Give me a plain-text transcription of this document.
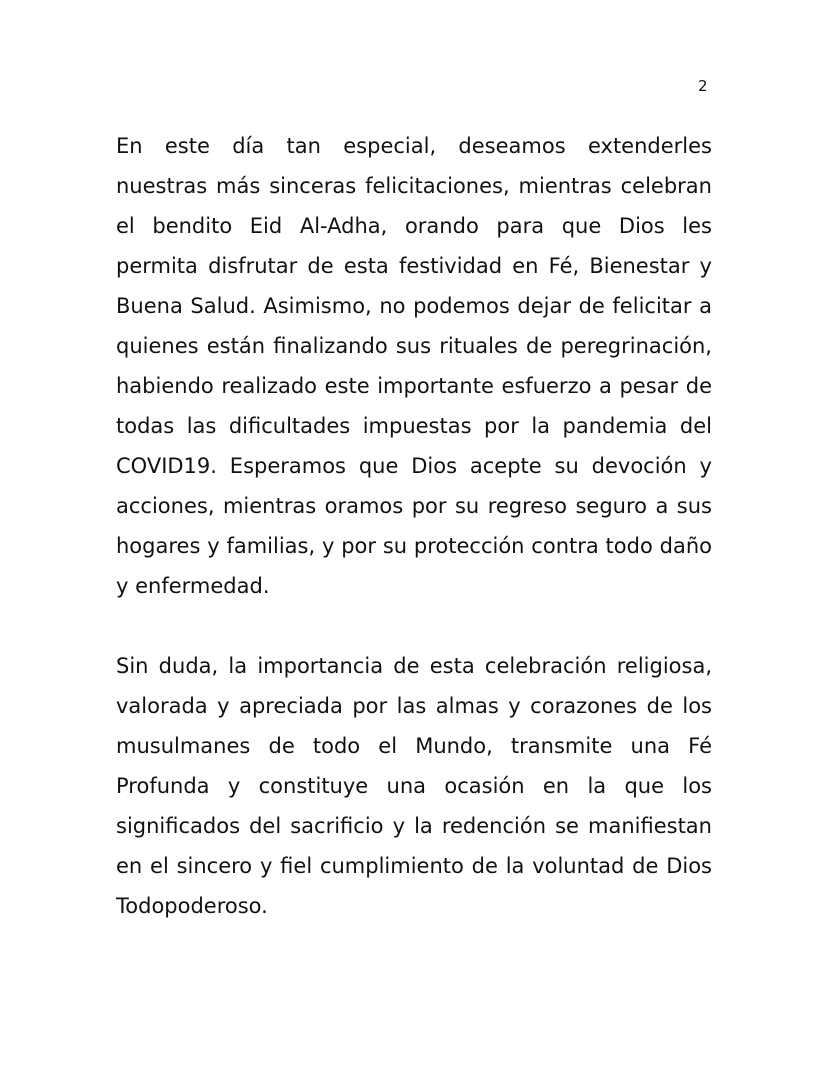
2

En este día tan especial, deseamos extenderles nuestras más sinceras felicitaciones, mientras celebran el bendito Eid Al-Adha, orando para que Dios les permita disfrutar de esta festividad en Fé, Bienestar y Buena Salud. Asimismo, no podemos dejar de felicitar a quienes están finalizando sus rituales de peregrinación, habiendo realizado este importante esfuerzo a pesar de todas las dificultades impuestas por la pandemia del COVID19. Esperamos que Dios acepte su devoción y acciones, mientras oramos por su regreso seguro a sus hogares y familias, y por su protección contra todo daño y enfermedad.

Sin duda, la importancia de esta celebración religiosa, valorada y apreciada por las almas y corazones de los musulmanes de todo el Mundo, transmite una Fé Profunda y constituye una ocasión en la que los significados del sacrificio y la redención se manifiestan en el sincero y fiel cumplimiento de la voluntad de Dios Todopoderoso.
